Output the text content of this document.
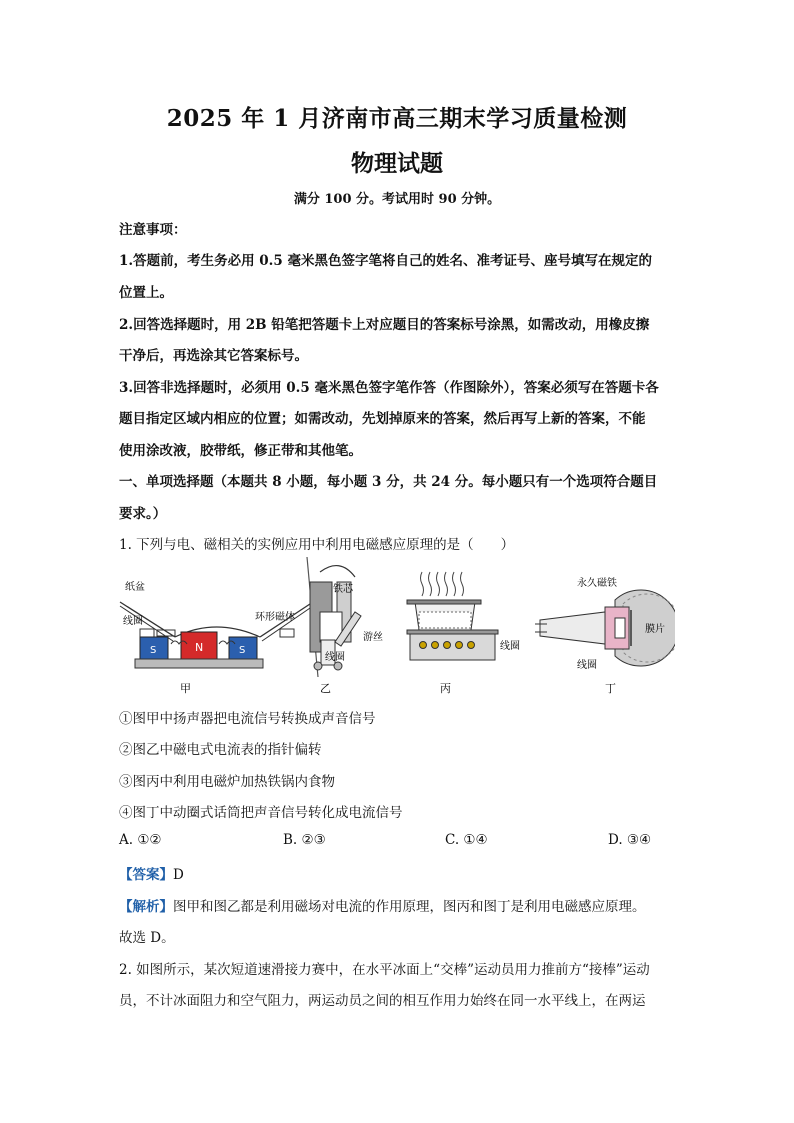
2025 年 1 月济南市高三期末学习质量检测
物理试题
满分 100 分。考试用时 90 分钟。
注意事项：
1.答题前，考生务必用 0.5 毫米黑色签字笔将自己的姓名、准考证号、座号填写在规定的
位置上。
2.回答选择题时，用 2B 铅笔把答题卡上对应题目的答案标号涂黑，如需改动，用橡皮擦
干净后，再选涂其它答案标号。
3.回答非选择题时，必须用 0.5 毫米黑色签字笔作答（作图除外），答案必须写在答题卡各
题目指定区域内相应的位置；如需改动，先划掉原来的答案，然后再写上新的答案，不能
使用涂改液，胶带纸，修正带和其他笔。
一、单项选择题（本题共 8 小题，每小题 3 分，共 24 分。每小题只有一个选项符合题目
要求。）
1. 下列与电、磁相关的实例应用中利用电磁感应原理的是（　　）
纸盆
线圈	环形磁体
S	N	S
铁芯
游丝
线圈
线圈
永久磁铁
膜片
线圈
甲	乙	丙	丁
①图甲中扬声器把电流信号转换成声音信号
②图乙中磁电式电流表的指针偏转
③图丙中利用电磁炉加热铁锅内食物
④图丁中动圈式话筒把声音信号转化成电流信号
A. ①②	B. ②③	C. ①④	D. ③④
【答案】D
【解析】图甲和图乙都是利用磁场对电流的作用原理，图丙和图丁是利用电磁感应原理。
故选 D。
2. 如图所示，某次短道速滑接力赛中，在水平冰面上“交棒”运动员用力推前方“接棒”运动
员，不计冰面阻力和空气阻力，两运动员之间的相互作用力始终在同一水平线上，在两运
